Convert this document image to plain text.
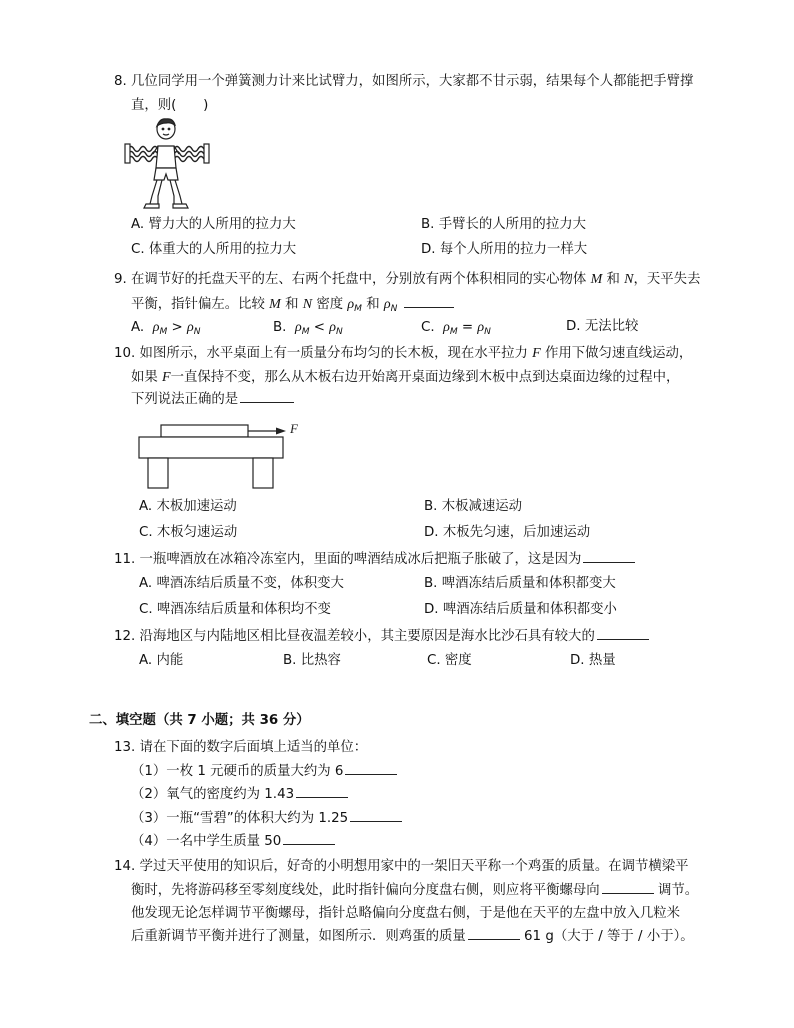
8. 几位同学用一个弹簧测力计来比试臂力，如图所示，大家都不甘示弱，结果每个人都能把手臂撑
直，则(　　)
A. 臂力大的人所用的拉力大	B. 手臂长的人所用的拉力大
C. 体重大的人所用的拉力大	D. 每个人所用的拉力一样大
9. 在调节好的托盘天平的左、右两个托盘中，分别放有两个体积相同的实心物体 M 和 N，天平失去
平衡，指针偏左。比较 M 和 N 密度 $\rho_M$ 和 $\rho_N$
A. $\rho_M > \rho_N$	B. $\rho_M < \rho_N$	C. $\rho_M = \rho_N$	D. 无法比较
10. 如图所示，水平桌面上有一质量分布均匀的长木板，现在水平拉力 F 作用下做匀速直线运动，
如果 F一直保持不变，那么从木板右边开始离开桌面边缘到木板中点到达桌面边缘的过程中，
下列说法正确的是
F
A. 木板加速运动	B. 木板减速运动
C. 木板匀速运动	D. 木板先匀速，后加速运动
11. 一瓶啤酒放在冰箱冷冻室内，里面的啤酒结成冰后把瓶子胀破了，这是因为
A. 啤酒冻结后质量不变，体积变大	B. 啤酒冻结后质量和体积都变大
C. 啤酒冻结后质量和体积均不变	D. 啤酒冻结后质量和体积都变小
12. 沿海地区与内陆地区相比昼夜温差较小，其主要原因是海水比沙石具有较大的
A. 内能	B. 比热容	C. 密度	D. 热量
二、填空题（共 7 小题；共 36 分）
13. 请在下面的数字后面填上适当的单位：
（1）一枚 1 元硬币的质量大约为 6
（2）氧气的密度约为 1.43
（3）一瓶“雪碧”的体积大约为 1.25
（4）一名中学生质量 50
14. 学过天平使用的知识后，好奇的小明想用家中的一架旧天平称一个鸡蛋的质量。在调节横梁平
衡时，先将游码移至零刻度线处，此时指针偏向分度盘右侧，则应将平衡螺母向	调节。
他发现无论怎样调节平衡螺母，指针总略偏向分度盘右侧，于是他在天平的左盘中放入几粒米
后重新调节平衡并进行了测量，如图所示．则鸡蛋的质量	61 g（大于 / 等于 / 小于）。
